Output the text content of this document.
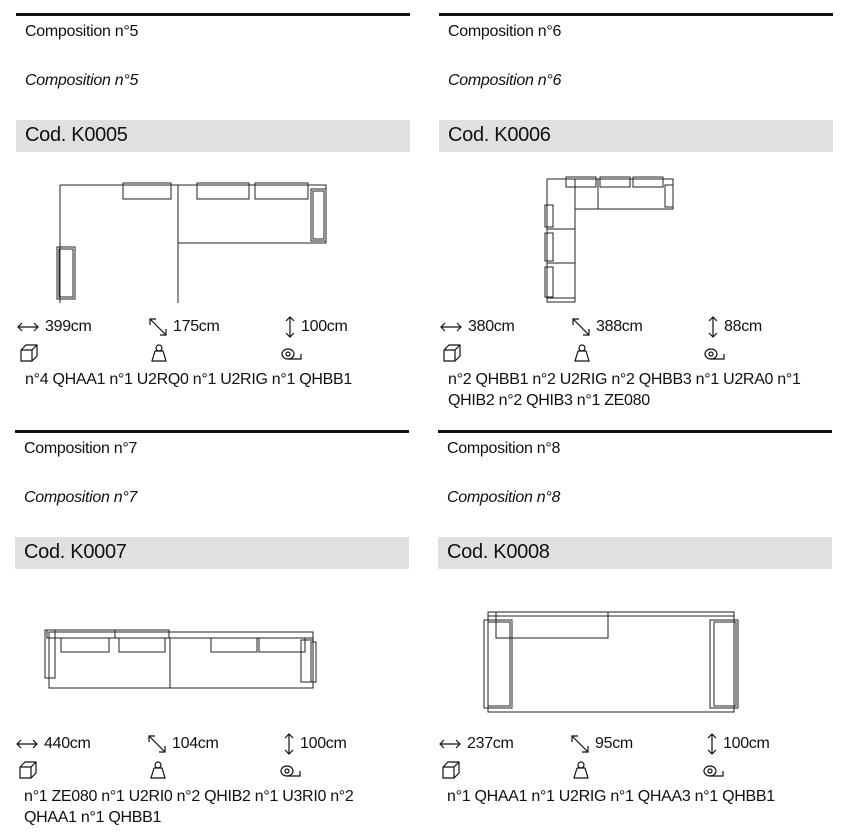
Composition n°5
Composition n°5
Cod. K0005
399cm	175cm	100cm
n°4 QHAA1 n°1 U2RQ0 n°1 U2RIG n°1 QHBB1
Composition n°6
Composition n°6
Cod. K0006
380cm	388cm	88cm
n°2 QHBB1 n°2 U2RIG n°2 QHBB3 n°1 U2RA0 n°1 QHIB2 n°2 QHIB3 n°1 ZE080
Composition n°7
Composition n°7
Cod. K0007
440cm	104cm	100cm
n°1 ZE080 n°1 U2RI0 n°2 QHIB2 n°1 U3RI0 n°2 QHAA1 n°1 QHBB1
Composition n°8
Composition n°8
Cod. K0008
237cm	95cm	100cm
n°1 QHAA1 n°1 U2RIG n°1 QHAA3 n°1 QHBB1
